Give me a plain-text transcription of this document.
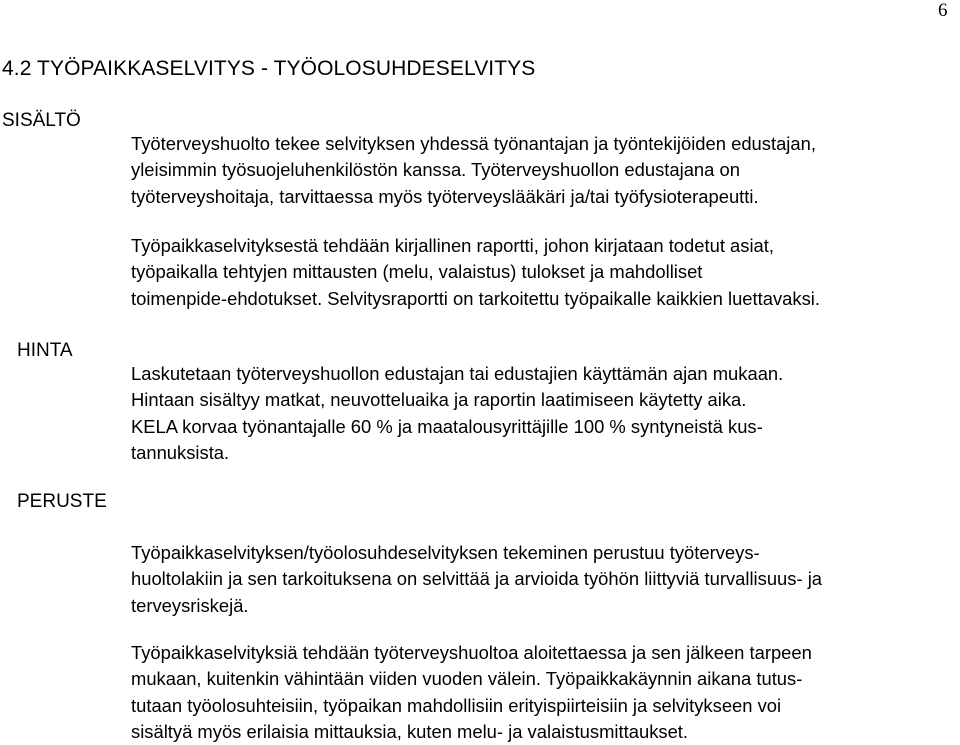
6
4.2 TYÖPAIKKASELVITYS - TYÖOLOSUHDESELVITYS
SISÄLTÖ
HINTA
PERUSTE
Työterveyshuolto tekee selvityksen yhdessä työnantajan ja työntekijöiden edustajan,
yleisimmin työsuojeluhenkilöstön kanssa. Työterveyshuollon edustajana on
työterveyshoitaja, tarvittaessa myös työterveyslääkäri ja/tai työfysioterapeutti.
Työpaikkaselvityksestä tehdään kirjallinen raportti, johon kirjataan todetut asiat,
työpaikalla tehtyjen mittausten (melu, valaistus) tulokset ja mahdolliset
toimenpide-ehdotukset. Selvitysraportti on tarkoitettu työpaikalle kaikkien luettavaksi.
Laskutetaan työterveyshuollon edustajan tai edustajien käyttämän ajan mukaan.
Hintaan sisältyy matkat, neuvotteluaika ja raportin laatimiseen käytetty aika.
KELA korvaa työnantajalle 60 % ja maatalousyrittäjille 100 % syntyneistä kus-
tannuksista.
Työpaikkaselvityksen/työolosuhdeselvityksen tekeminen perustuu työterveys-
huoltolakiin ja sen tarkoituksena on selvittää ja arvioida työhön liittyviä turvallisuus- ja
terveysriskejä.
Työpaikkaselvityksiä tehdään työterveyshuoltoa aloitettaessa ja sen jälkeen tarpeen
mukaan, kuitenkin vähintään viiden vuoden välein. Työpaikkakäynnin aikana tutus-
tutaan työolosuhteisiin, työpaikan mahdollisiin erityispiirteisiin ja selvitykseen voi
sisältyä myös erilaisia mittauksia, kuten melu- ja valaistusmittaukset.
